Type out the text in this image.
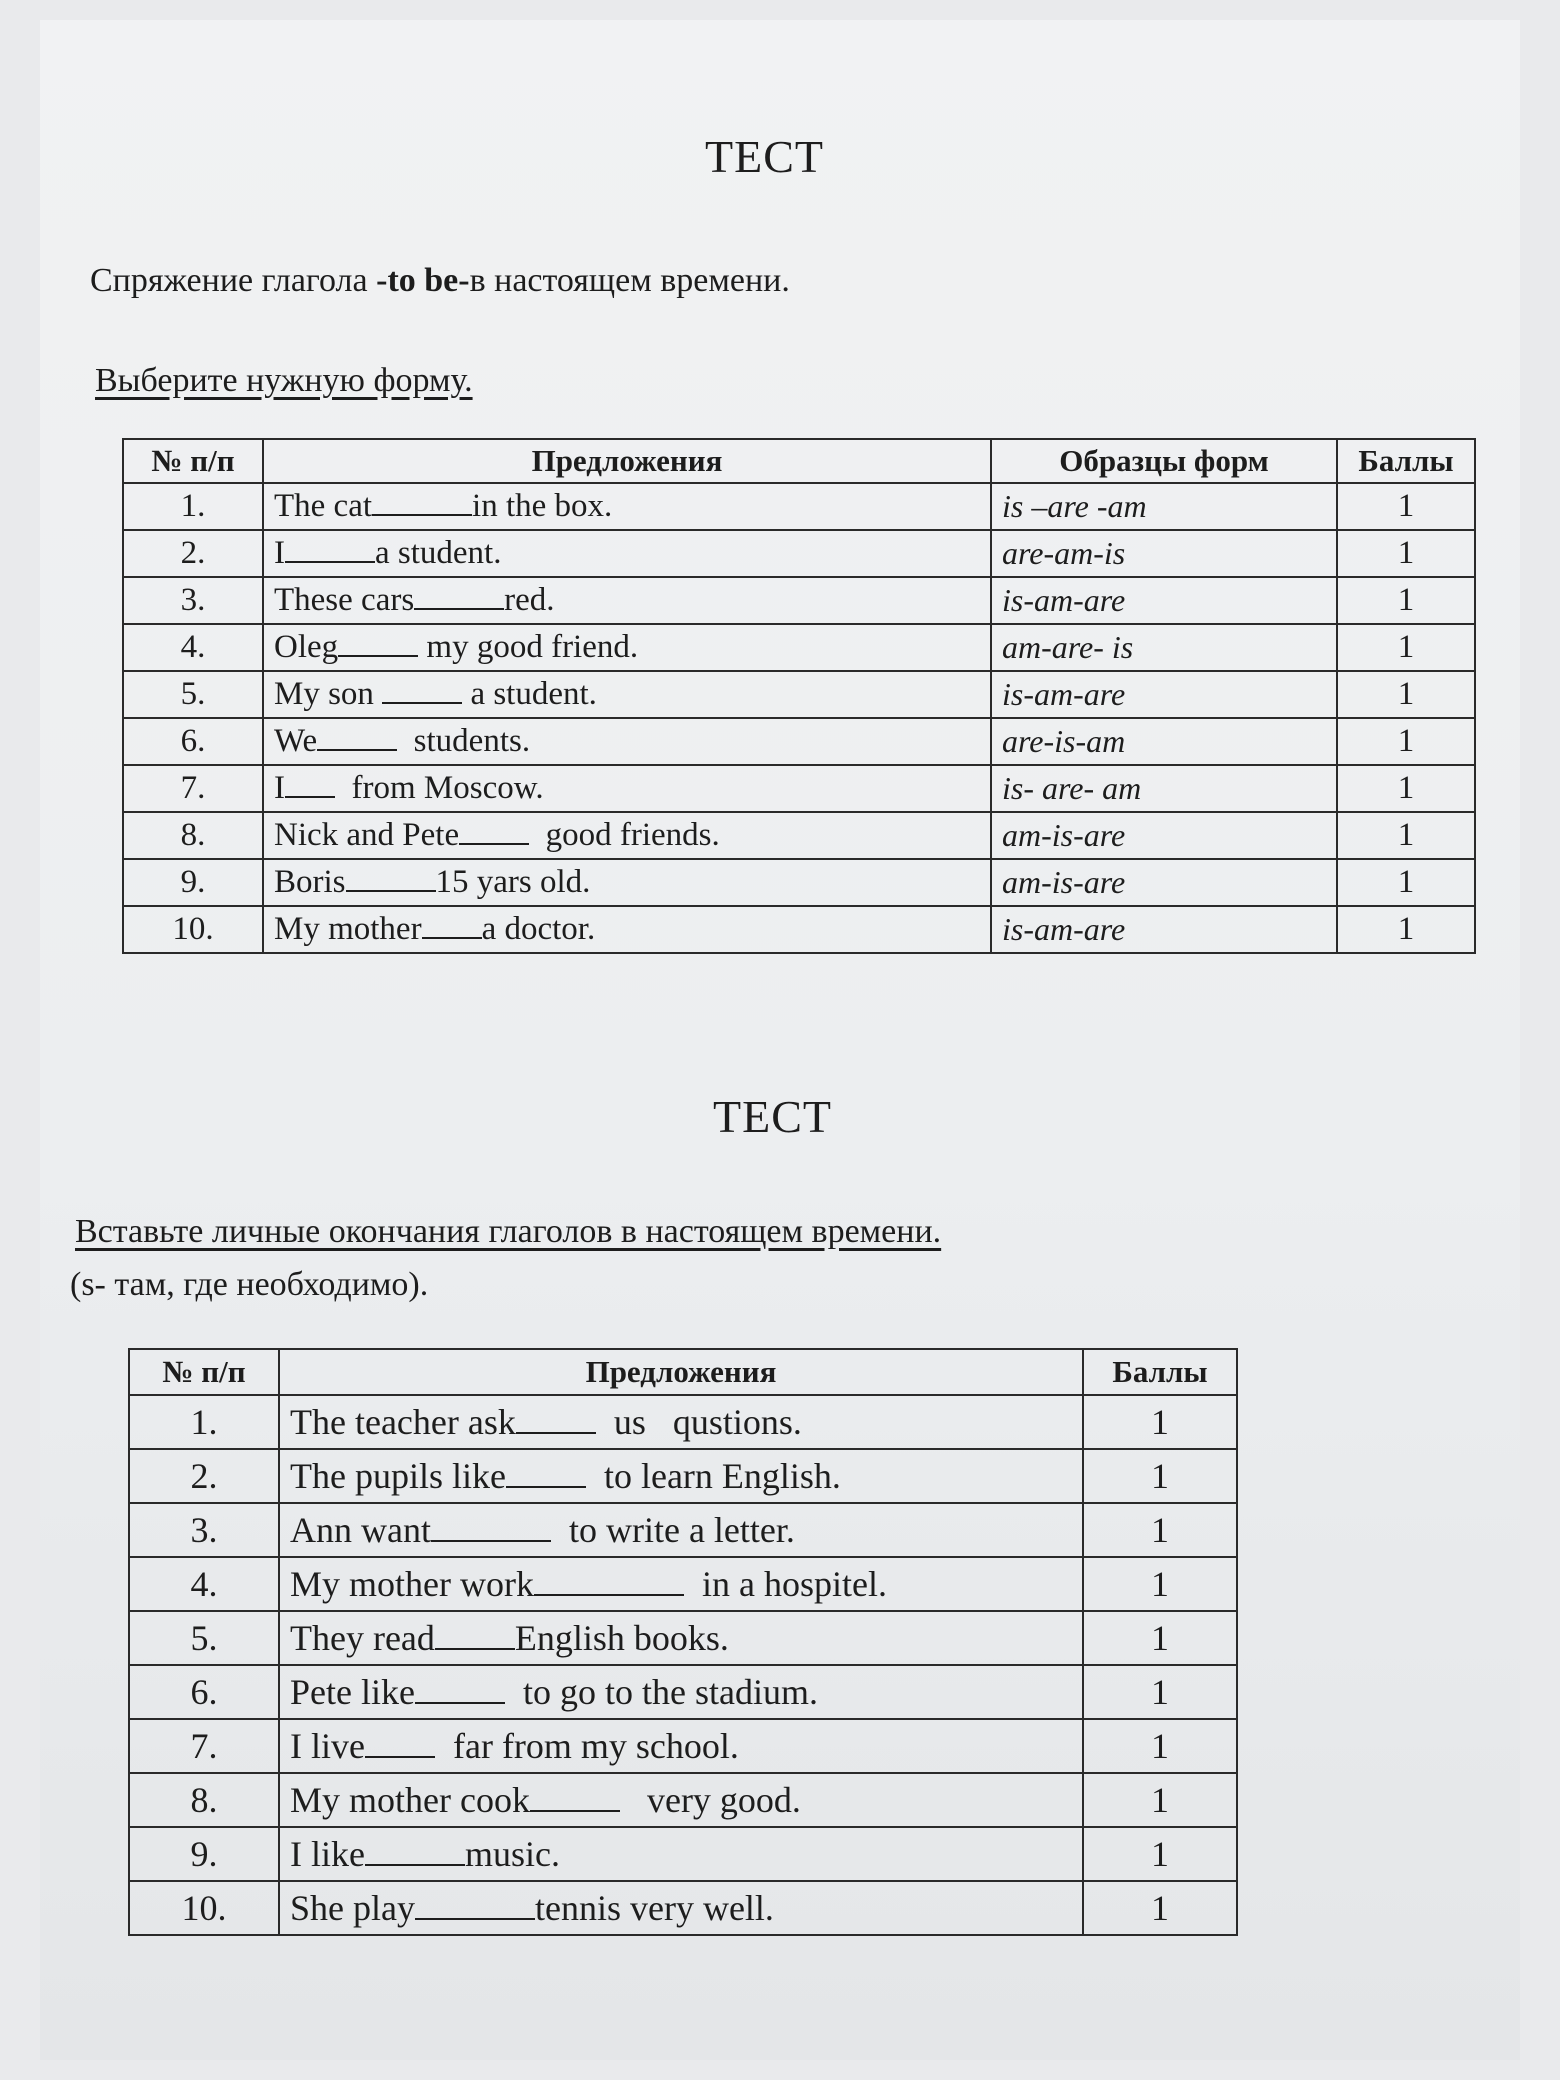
ТЕСТ
Спряжение глагола -to be-в настоящем времени.
Выберите нужную форму.
№ п/п	Предложения	Образцы форм	Баллы
1.	The cat in the box.	is –are -am	1
2.	I a student.	are-am-is	1
3.	These cars red.	is-am-are	1
4.	Oleg my good friend.	am-are- is	1
5.	My son  a student.	is-am-are	1
6.	We  students.	are-is-am	1
7.	I  from Moscow.	is- are- am	1
8.	Nick and Pete  good friends.	am-is-are	1
9.	Boris 15 yars old.	am-is-are	1
10.	My mother a doctor.	is-am-are	1
ТЕСТ
Вставьте личные окончания глаголов в настоящем времени.
(s- там, где необходимо).
№ п/п	Предложения	Баллы
1.	The teacher ask  us   qustions.	1
2.	The pupils like  to learn English.	1
3.	Ann want to write a letter.	1
4.	My mother work in a hospitel.	1
5.	They read English books.	1
6.	Pete like to go to the stadium.	1
7.	I live  far from my school.	1
8.	My mother cook very good.	1
9.	I like music.	1
10.	She play tennis very well.	1
